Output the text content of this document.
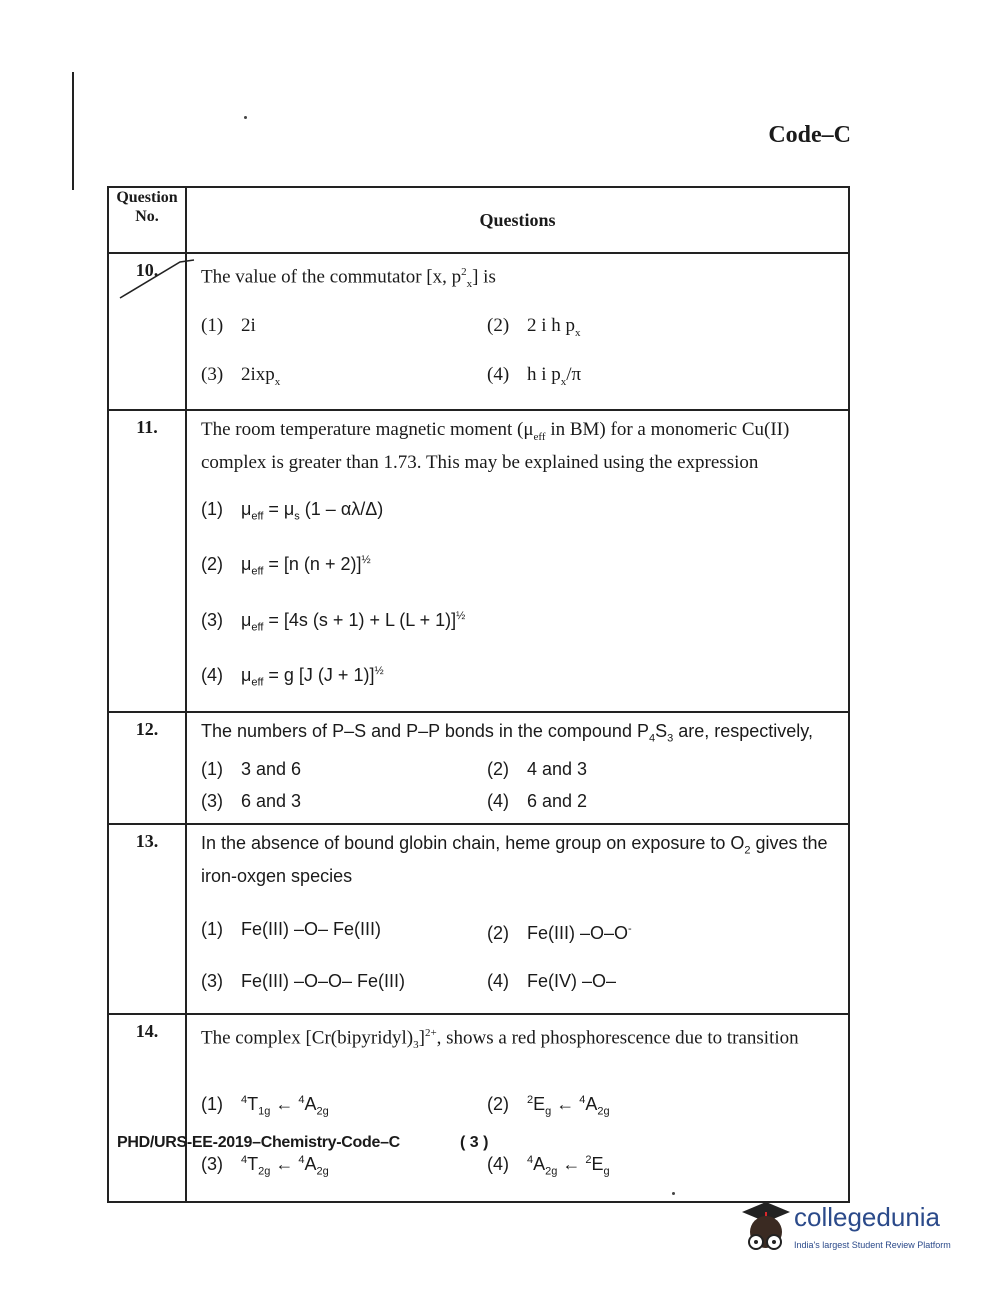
Code–C
Question No.	Questions
10.	The value of the commutator [x, $p^2_x$] is
(1) 2i (2) 2 i h $p_x$
(3) 2ixp$_x$ (4) h i $p_x/\pi$

11.	The room temperature magnetic moment ($\mu_{eff}$ in BM) for a monomeric Cu(II) complex is greater than 1.73. This may be explained using the expression
(1) $\mu_{eff} = \mu_s$ (1 – αλ/Δ)
(2) $\mu_{eff} = [n$ (n + 2)]$^{\frac{1}{2}}$
(3) $\mu_{eff} = [4s$ (s + 1) + L (L + 1)]$^{\frac{1}{2}}$
(4) $\mu_{eff} = g$ [J (J + 1)]$^{\frac{1}{2}}$

12.	The numbers of P–S and P–P bonds in the compound $P_4S_3$ are, respectively,
(1) 3 and 6 (2) 4 and 3
(3) 6 and 3 (4) 6 and 2

13.	In the absence of bound globin chain, heme group on exposure to $O_2$ gives the iron-oxgen species
(1) Fe(III) –O– Fe(III) (2) Fe(III) –O–O-
(3) Fe(III) –O–O– Fe(III) (4) Fe(IV) –O–

14.	The complex $[Cr(bipyridyl)_3]^{2+}$, shows a red phosphorescence due to transition
(1) $^4T_{1g}$ ← $^4A_{2g}$ (2) $^2E_g$ ← $^4A_{2g}$
(3) $^4T_{2g}$ ← $^4A_{2g}$ (4) $^4A_{2g}$ ← $^2E_g$
PHD/URS-EE-2019–Chemistry-Code–C	( 3 )
collegedunia
India's largest Student Review Platform
